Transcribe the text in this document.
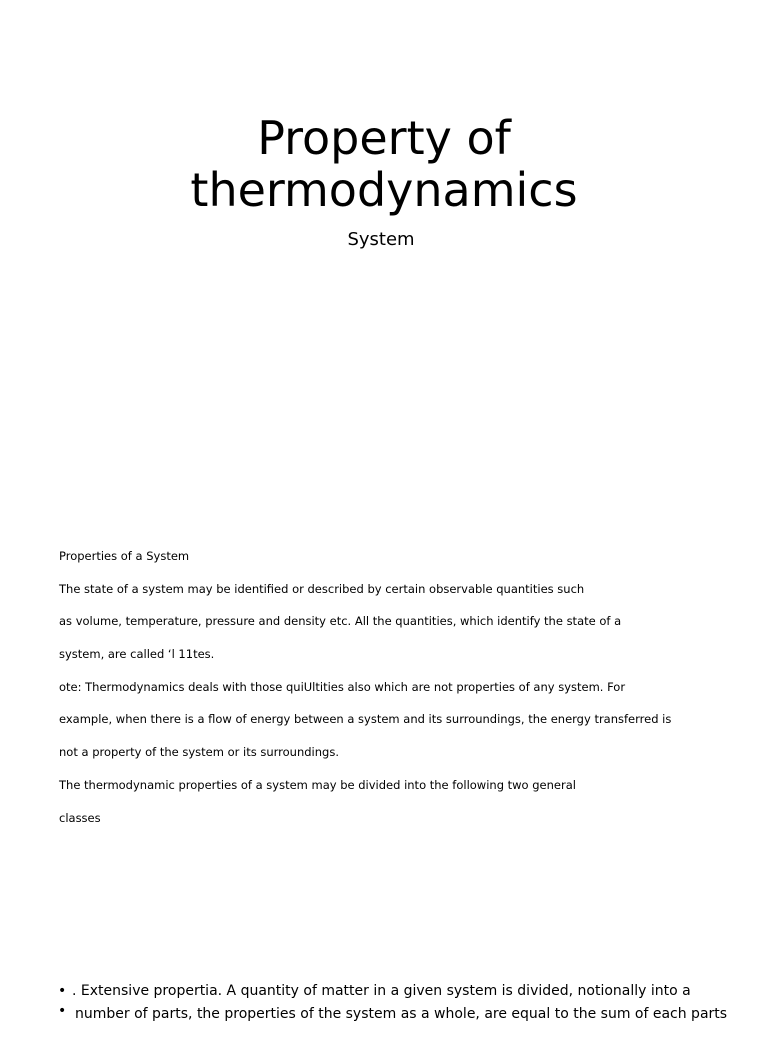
Property of thermodynamics
System
Properties of a System
The state of a system may be identified or described by certain observable quantities such
as volume, temperature, pressure and density etc. All the quantities, which identify the state of a
system, are called ‘l 11tes.
ote: Thermodynamics deals with those quiUltities also which are not properties of any system. For
example, when there is a flow of energy between a system and its surroundings, the energy transferred is
not a property of the system or its surroundings.
The thermodynamic properties of a system may be divided into the following two general
classes
• . Extensive propertia. A quantity of matter in a given system is divided, notionally into a
• number of parts, the properties of the system as a whole, are equal to the sum of each parts
